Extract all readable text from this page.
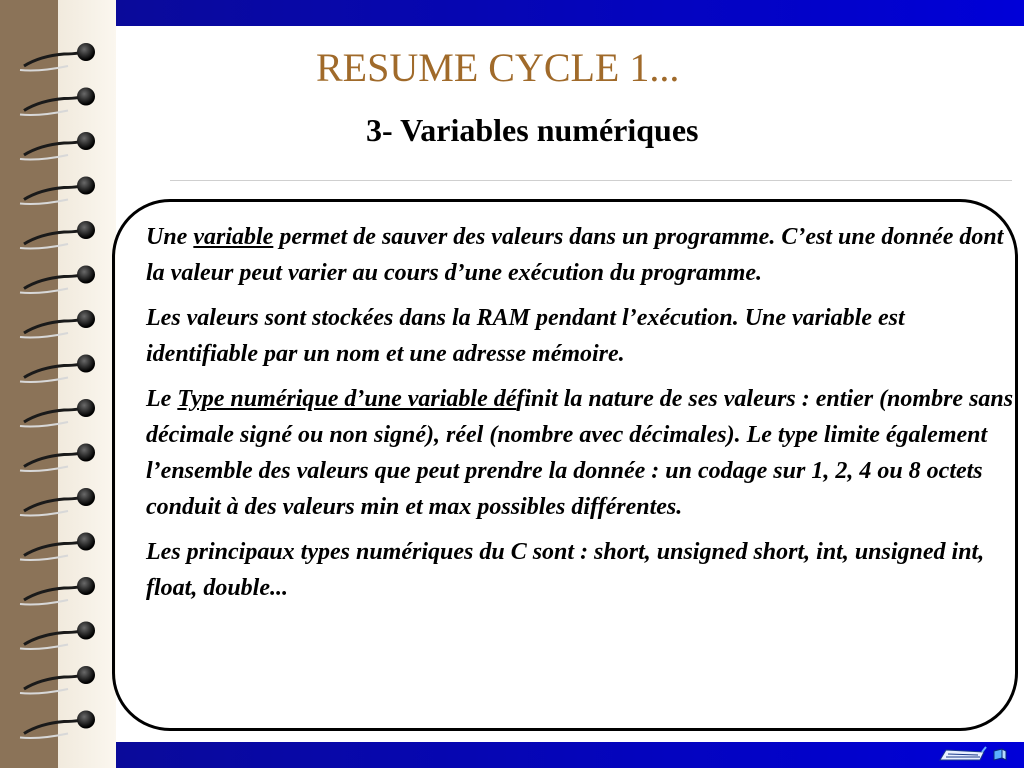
RESUME CYCLE 1...
3- Variables numériques

Une variable permet de sauver des valeurs dans un programme. C’est une donnée dont la valeur peut varier au cours d’une exécution du programme.

Les valeurs sont stockées dans la RAM pendant l’exécution. Une variable est identifiable par un nom et une adresse mémoire.

Le Type numérique d’une variable définit la nature de ses valeurs : entier (nombre sans décimale signé ou non signé), réel (nombre avec décimales). Le type limite également l’ensemble des valeurs que peut prendre la donnée : un codage sur 1, 2, 4 ou 8 octets conduit à des valeurs min et max possibles différentes.

Les principaux types numériques du C sont : short, unsigned short, int, unsigned int, float, double...
